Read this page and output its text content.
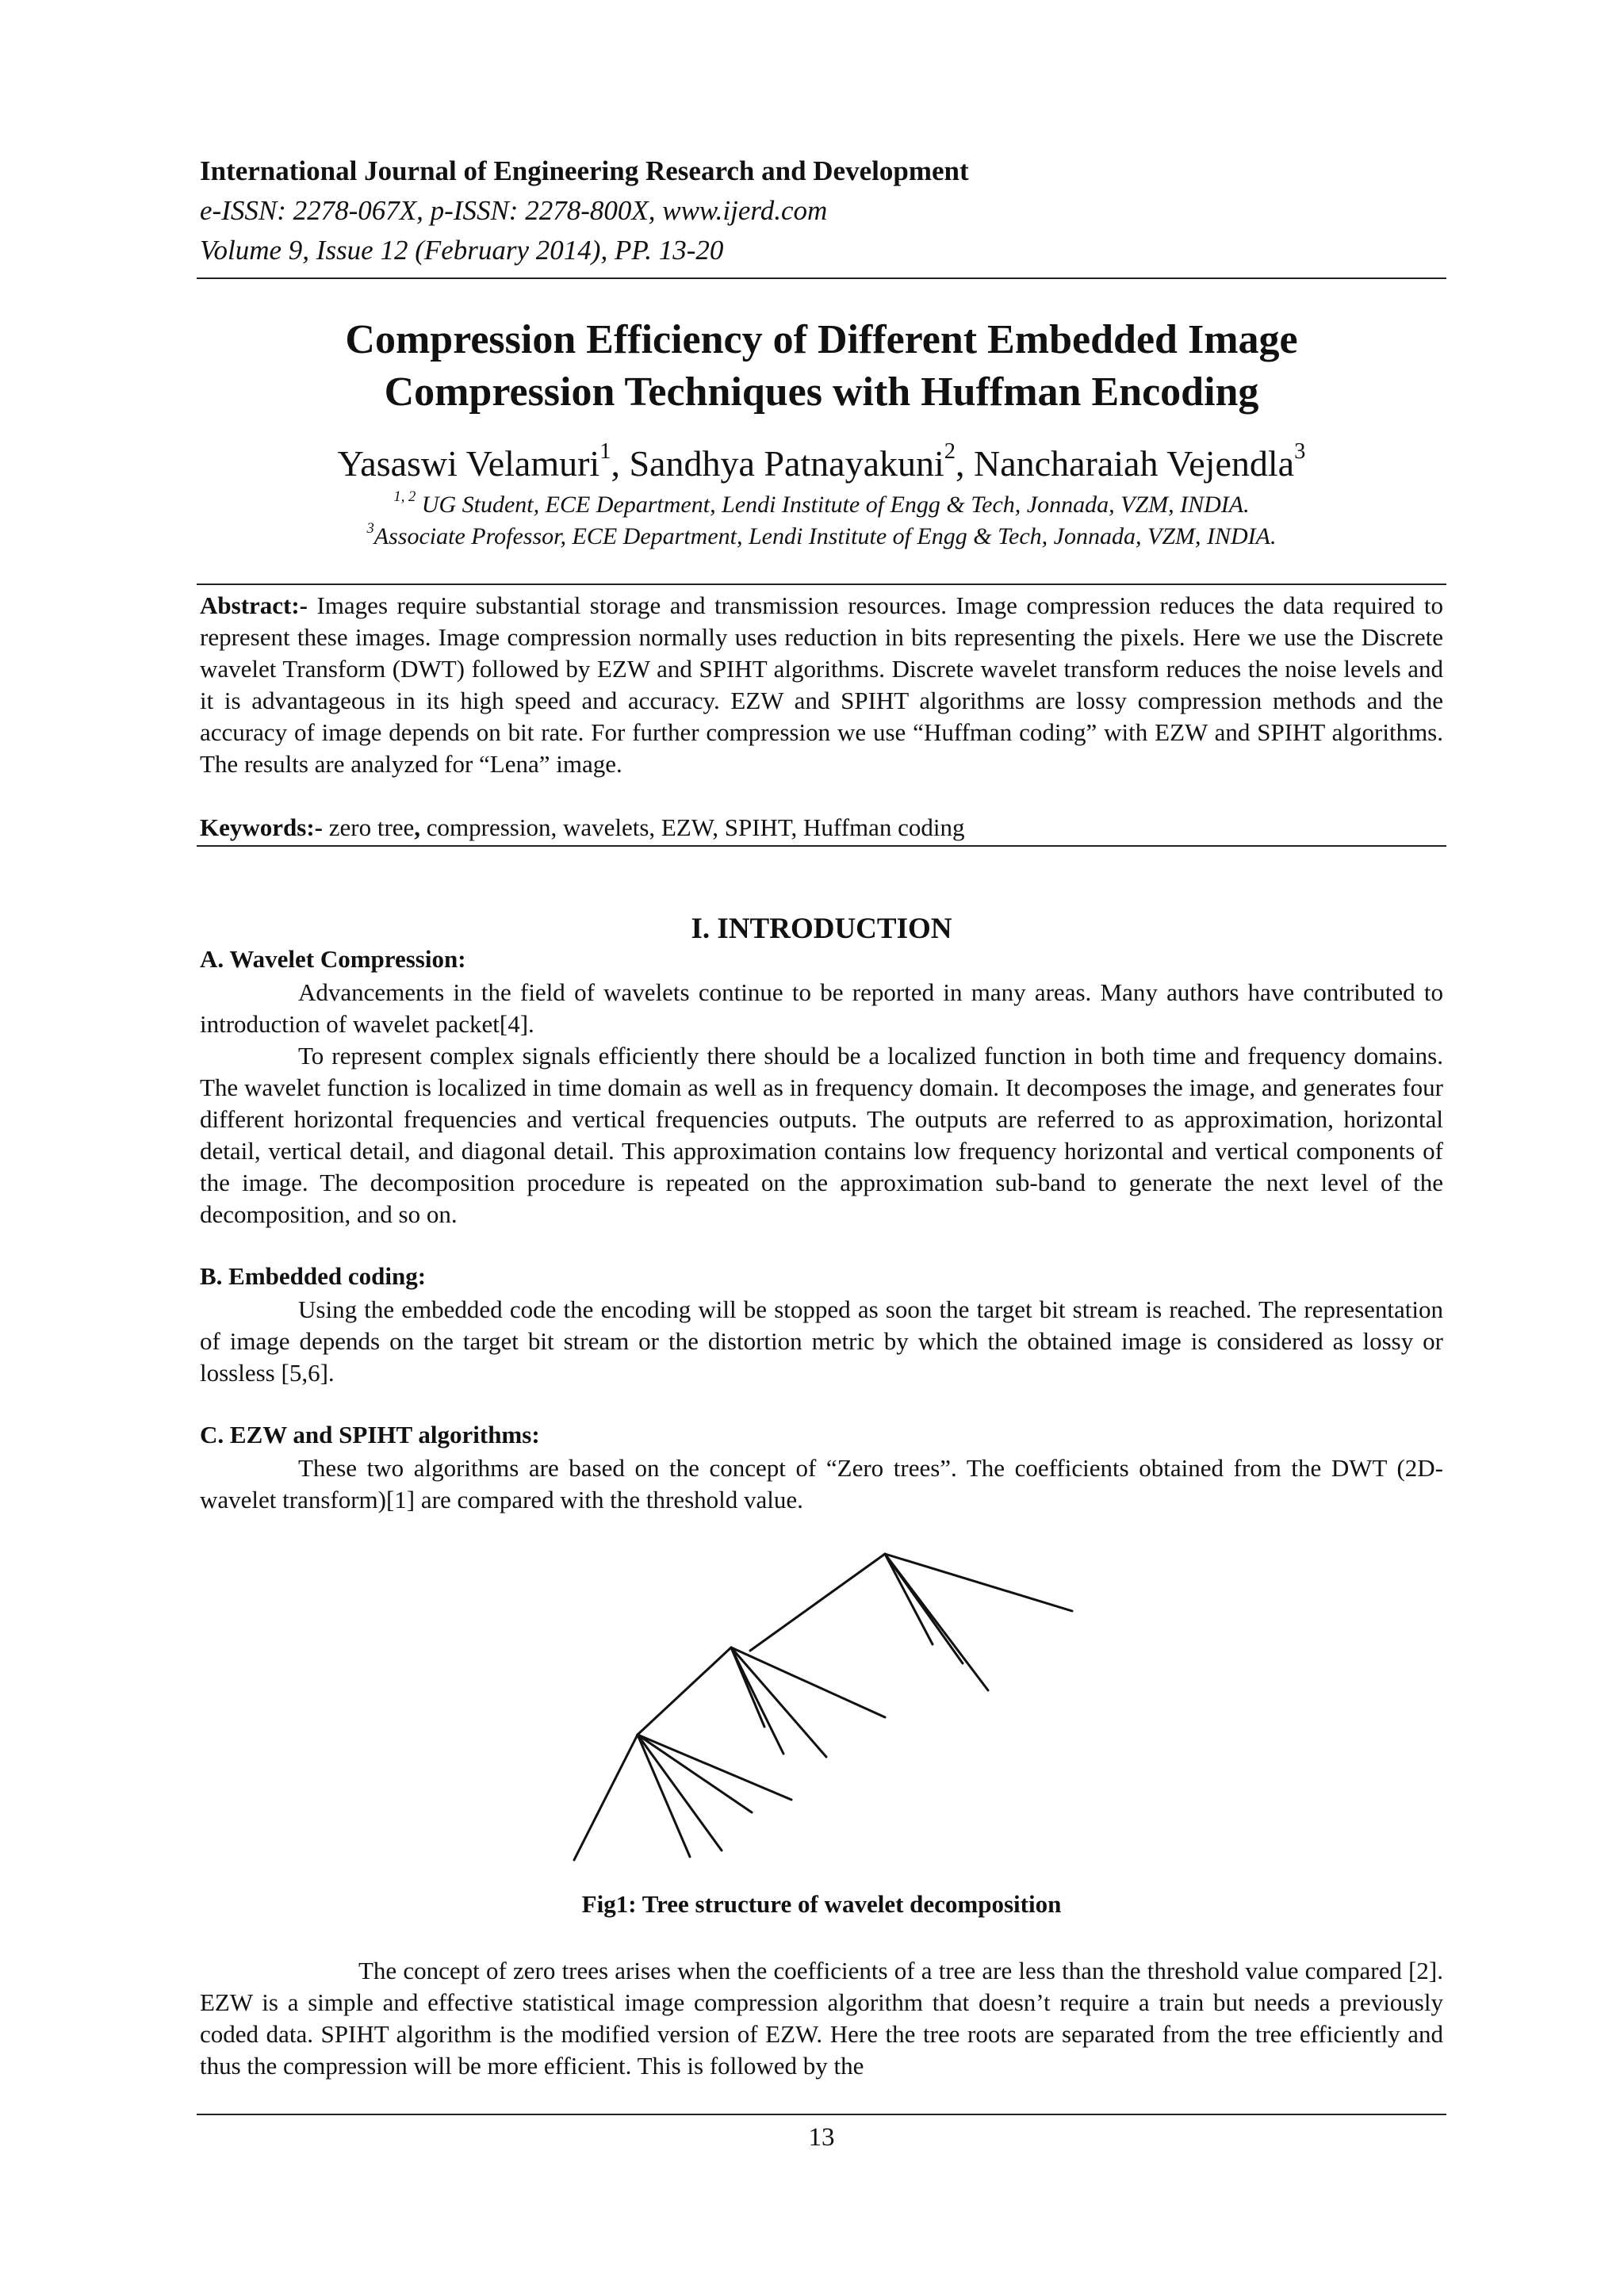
International Journal of Engineering Research and Development
e-ISSN: 2278-067X, p-ISSN: 2278-800X, www.ijerd.com
Volume 9, Issue 12 (February 2014), PP. 13-20
Compression Efficiency of Different Embedded Image
Compression Techniques with Huffman Encoding
Yasaswi Velamuri$^1$, Sandhya Patnayakuni$^2$, Nancharaiah Vejendla$^3$
$^{1, 2}$ UG Student, ECE Department, Lendi Institute of Engg & Tech, Jonnada, VZM, INDIA.
$^3$Associate Professor, ECE Department, Lendi Institute of Engg & Tech, Jonnada, VZM, INDIA.
Abstract:- Images require substantial storage and transmission resources. Image compression reduces the data required to represent these images. Image compression normally uses reduction in bits representing the pixels. Here we use the Discrete wavelet Transform (DWT) followed by EZW and SPIHT algorithms. Discrete wavelet transform reduces the noise levels and it is advantageous in its high speed and accuracy. EZW and SPIHT algorithms are lossy compression methods and the accuracy of image depends on bit rate. For further compression we use “Huffman coding” with EZW and SPIHT algorithms. The results are analyzed for “Lena” image.
Keywords:- zero tree, compression, wavelets, EZW, SPIHT, Huffman coding
I. INTRODUCTION
A. Wavelet Compression:
Advancements in the field of wavelets continue to be reported in many areas. Many authors have contributed to introduction of wavelet packet[4].
To represent complex signals efficiently there should be a localized function in both time and frequency domains. The wavelet function is localized in time domain as well as in frequency domain. It decomposes the image, and generates four different horizontal frequencies and vertical frequencies outputs. The outputs are referred to as approximation, horizontal detail, vertical detail, and diagonal detail. This approximation contains low frequency horizontal and vertical components of the image. The decomposition procedure is repeated on the approximation sub-band to generate the next level of the decomposition, and so on.
B. Embedded coding:
Using the embedded code the encoding will be stopped as soon the target bit stream is reached. The representation of image depends on the target bit stream or the distortion metric by which the obtained image is considered as lossy or lossless [5,6].
C. EZW and SPIHT algorithms:
These two algorithms are based on the concept of “Zero trees”. The coefficients obtained from the DWT (2D-wavelet transform)[1] are compared with the threshold value.
Fig1: Tree structure of wavelet decomposition
The concept of zero trees arises when the coefficients of a tree are less than the threshold value compared [2]. EZW is a simple and effective statistical image compression algorithm that doesn’t require a train but needs a previously coded data. SPIHT algorithm is the modified version of EZW. Here the tree roots are separated from the tree efficiently and thus the compression will be more efficient. This is followed by the
13
